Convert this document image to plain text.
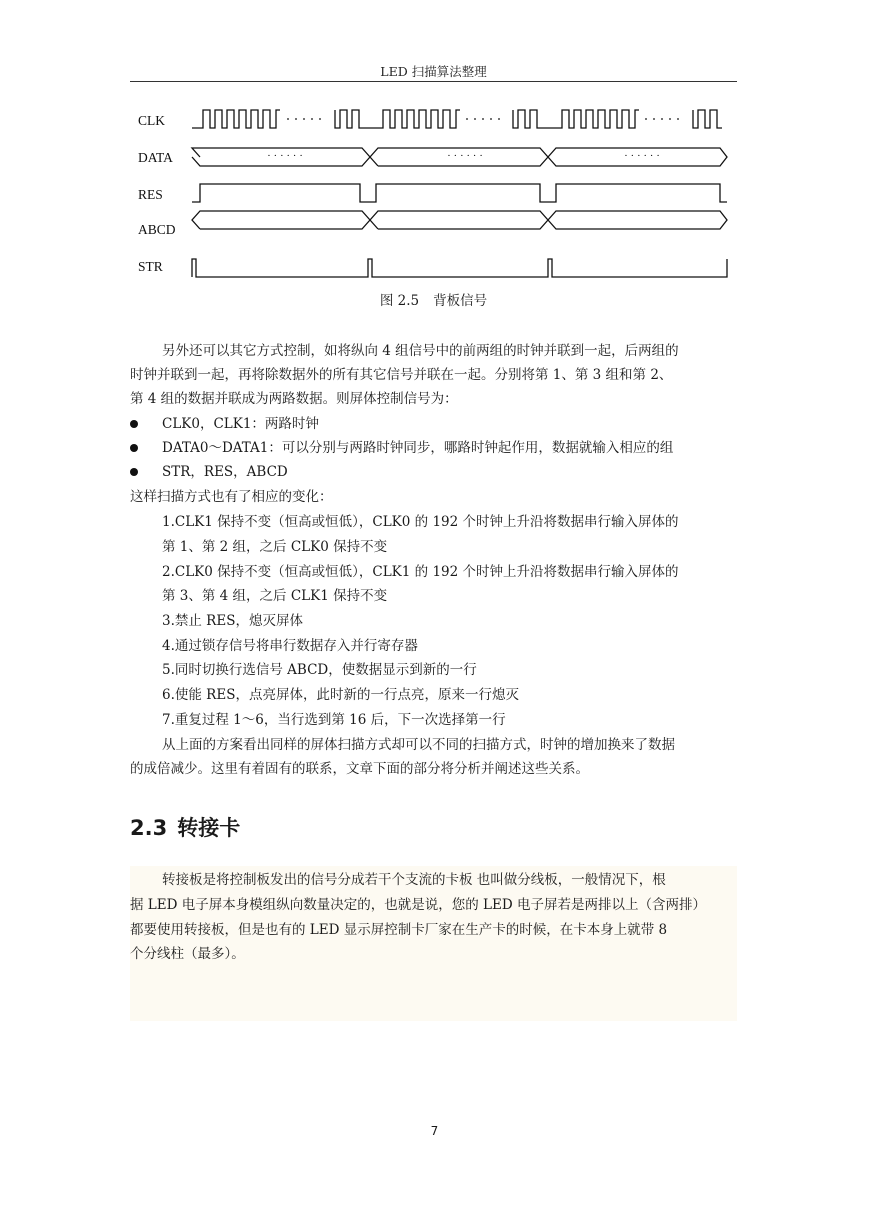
LED 扫描算法整理
CLK
DATA
RES
ABCD
STR
· · · · · ·	· · · · · ·	· · · · · ·
图 2.5 背板信号
另外还可以其它方式控制，如将纵向 4 组信号中的前两组的时钟并联到一起，后两组的
时钟并联到一起，再将除数据外的所有其它信号并联在一起。分别将第 1、第 3 组和第 2、
第 4 组的数据并联成为两路数据。则屏体控制信号为：
CLK0，CLK1：两路时钟
DATA0～DATA1：可以分别与两路时钟同步，哪路时钟起作用，数据就输入相应的组
STR，RES，ABCD
这样扫描方式也有了相应的变化：
1.CLK1 保持不变（恒高或恒低），CLK0 的 192 个时钟上升沿将数据串行输入屏体的
第 1、第 2 组，之后 CLK0 保持不变
2.CLK0 保持不变（恒高或恒低），CLK1 的 192 个时钟上升沿将数据串行输入屏体的
第 3、第 4 组，之后 CLK1 保持不变
3.禁止 RES，熄灭屏体
4.通过锁存信号将串行数据存入并行寄存器
5.同时切换行选信号 ABCD，使数据显示到新的一行
6.使能 RES，点亮屏体，此时新的一行点亮，原来一行熄灭
7.重复过程 1～6，当行选到第 16 后，下一次选择第一行
从上面的方案看出同样的屏体扫描方式却可以不同的扫描方式，时钟的增加换来了数据
的成倍减少。这里有着固有的联系，文章下面的部分将分析并阐述这些关系。
2.3 转接卡
转接板是将控制板发出的信号分成若干个支流的卡板 也叫做分线板，一般情况下，根
据 LED 电子屏本身模组纵向数量决定的，也就是说，您的 LED 电子屏若是两排以上（含两排）
都要使用转接板，但是也有的 LED 显示屏控制卡厂家在生产卡的时候，在卡本身上就带 8
个分线柱（最多）。
7
